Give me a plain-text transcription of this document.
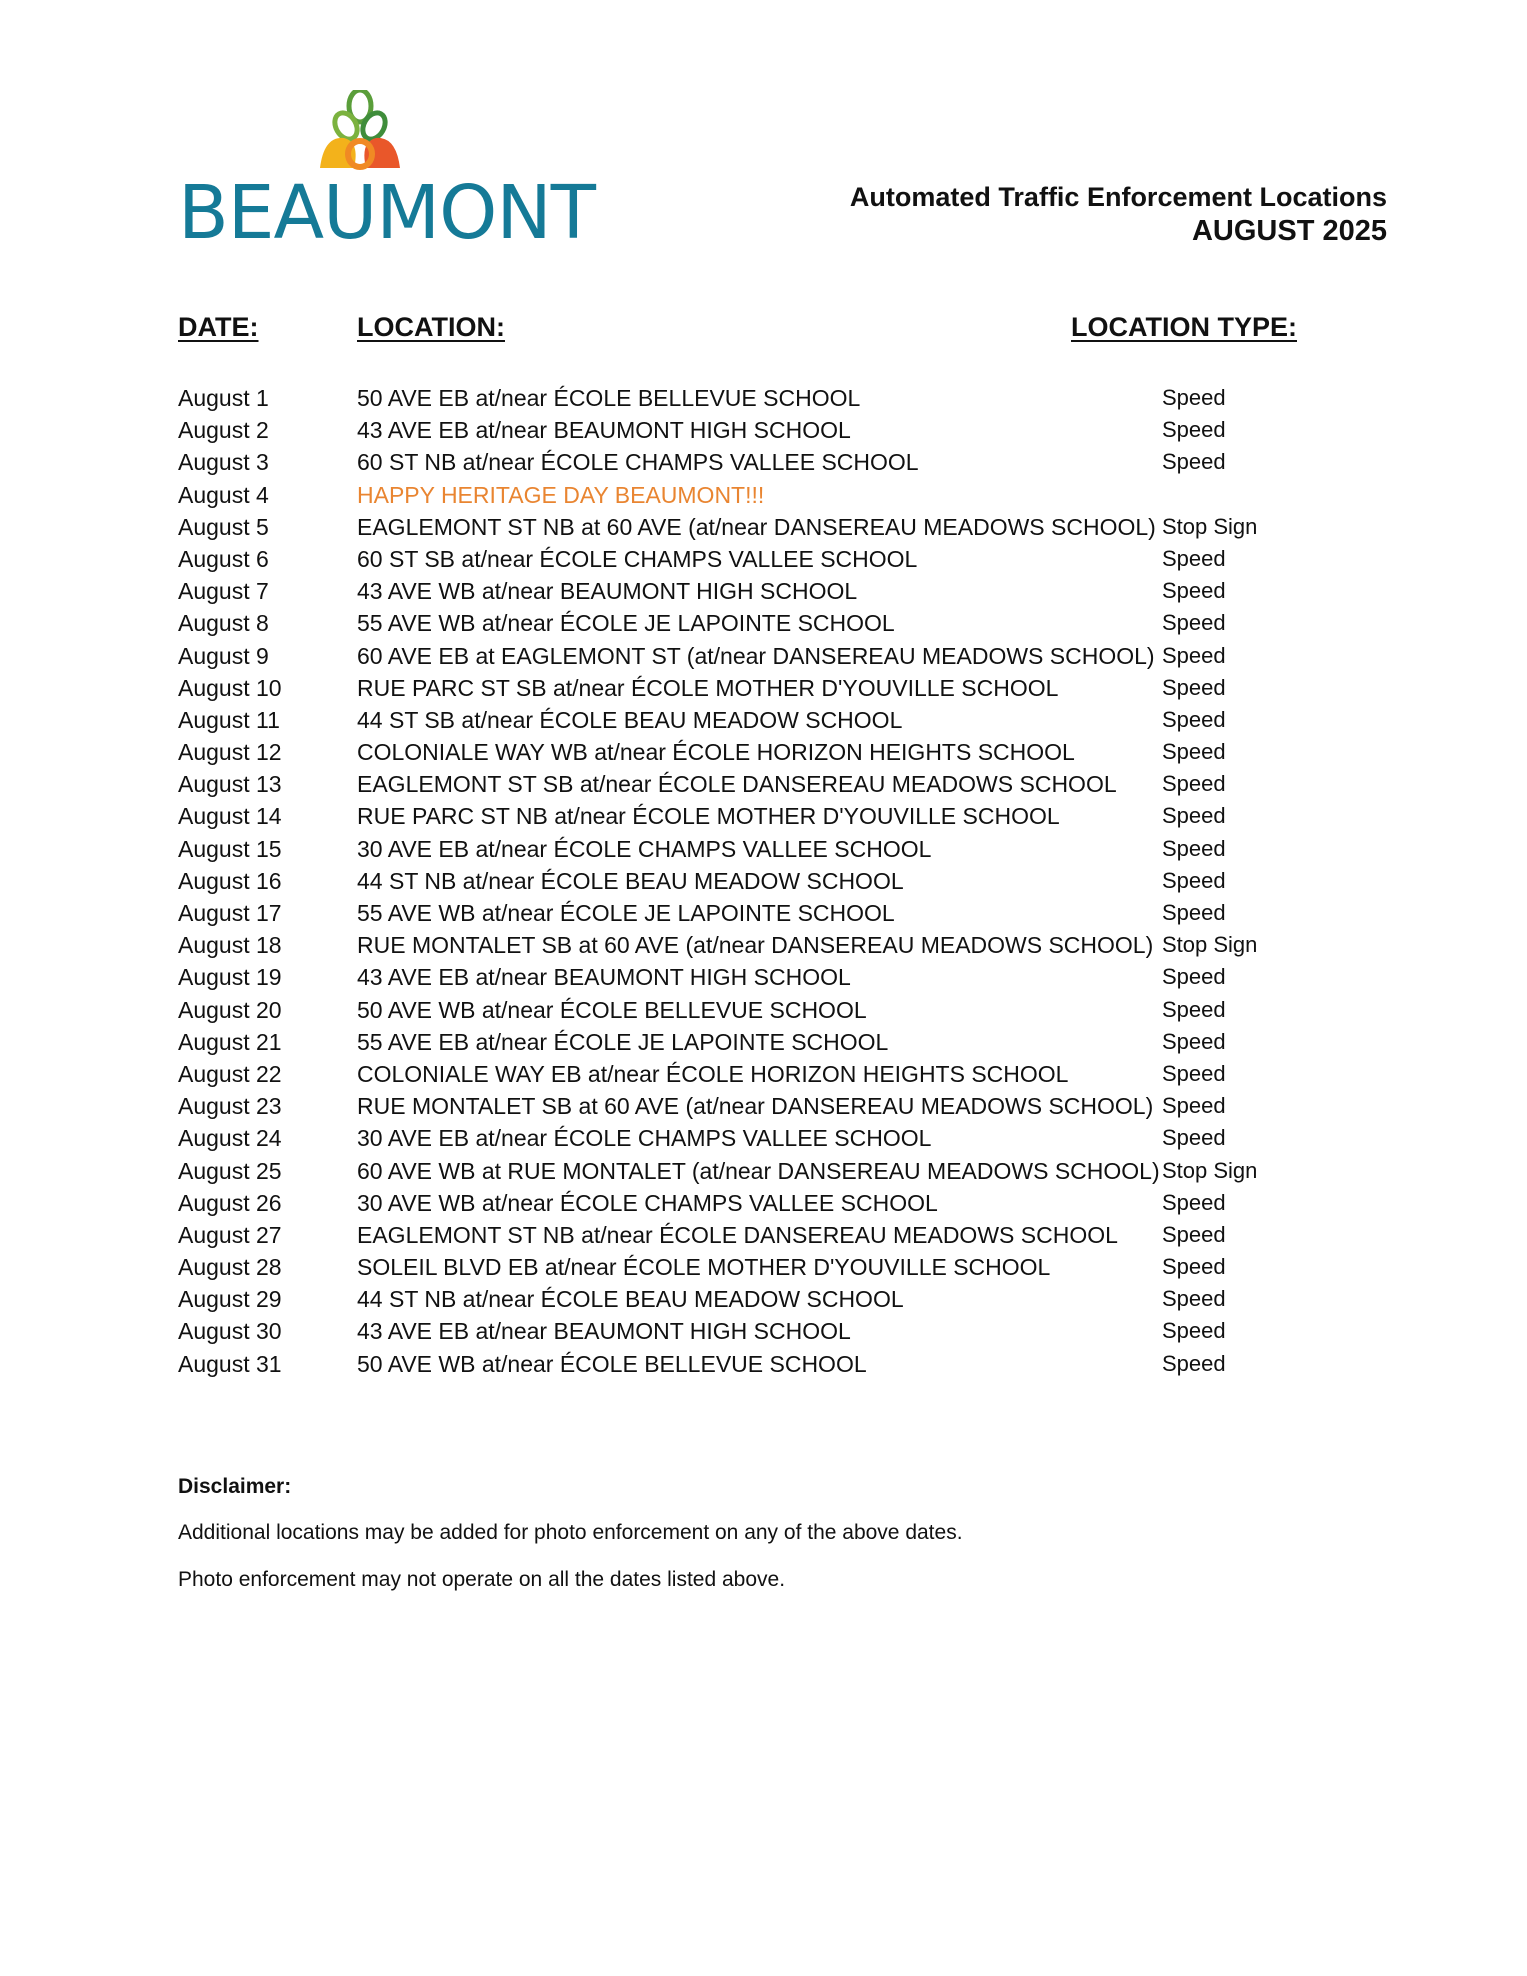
BEAUMONT	Automated Traffic Enforcement Locations
AUGUST 2025
DATE:	LOCATION:	LOCATION TYPE:
August 1	50 AVE EB at/near ÉCOLE BELLEVUE SCHOOL	Speed
August 2	43 AVE EB at/near BEAUMONT HIGH SCHOOL	Speed
August 3	60 ST NB at/near ÉCOLE CHAMPS VALLEE SCHOOL	Speed
August 4	HAPPY HERITAGE DAY BEAUMONT!!!
August 5	EAGLEMONT ST NB at 60 AVE (at/near DANSEREAU MEADOWS SCHOOL) Stop Sign
August 6	60 ST SB at/near ÉCOLE CHAMPS VALLEE SCHOOL	Speed
August 7	43 AVE WB at/near BEAUMONT HIGH SCHOOL	Speed
August 8	55 AVE WB at/near ÉCOLE JE LAPOINTE SCHOOL	Speed
August 9	60 AVE EB at EAGLEMONT ST (at/near DANSEREAU MEADOWS SCHOOL) Speed
August 10	RUE PARC ST SB at/near ÉCOLE MOTHER D'YOUVILLE SCHOOL	Speed
August 11	44 ST SB at/near ÉCOLE BEAU MEADOW SCHOOL	Speed
August 12	COLONIALE WAY WB at/near ÉCOLE HORIZON HEIGHTS SCHOOL	Speed
August 13	EAGLEMONT ST SB at/near ÉCOLE DANSEREAU MEADOWS SCHOOL Speed
August 14	RUE PARC ST NB at/near ÉCOLE MOTHER D'YOUVILLE SCHOOL	Speed
August 15	30 AVE EB at/near ÉCOLE CHAMPS VALLEE SCHOOL	Speed
August 16	44 ST NB at/near ÉCOLE BEAU MEADOW SCHOOL	Speed
August 17	55 AVE WB at/near ÉCOLE JE LAPOINTE SCHOOL	Speed
August 18	RUE MONTALET SB at 60 AVE (at/near DANSEREAU MEADOWS SCHOOL) Stop Sign
August 19	43 AVE EB at/near BEAUMONT HIGH SCHOOL	Speed
August 20	50 AVE WB at/near ÉCOLE BELLEVUE SCHOOL	Speed
August 21	55 AVE EB at/near ÉCOLE JE LAPOINTE SCHOOL	Speed
August 22	COLONIALE WAY EB at/near ÉCOLE HORIZON HEIGHTS SCHOOL	Speed
August 23	RUE MONTALET SB at 60 AVE (at/near DANSEREAU MEADOWS SCHOOL) Speed
August 24	30 AVE EB at/near ÉCOLE CHAMPS VALLEE SCHOOL	Speed
August 25	60 AVE WB at RUE MONTALET (at/near DANSEREAU MEADOWS SCHOOL) Stop Sign
August 26	30 AVE WB at/near ÉCOLE CHAMPS VALLEE SCHOOL	Speed
August 27	EAGLEMONT ST NB at/near ÉCOLE DANSEREAU MEADOWS SCHOOL Speed
August 28	SOLEIL BLVD EB at/near ÉCOLE MOTHER D'YOUVILLE SCHOOL	Speed
August 29	44 ST NB at/near ÉCOLE BEAU MEADOW SCHOOL	Speed
August 30	43 AVE EB at/near BEAUMONT HIGH SCHOOL	Speed
August 31	50 AVE WB at/near ÉCOLE BELLEVUE SCHOOL	Speed
Disclaimer:

Additional locations may be added for photo enforcement on any of the above dates.

Photo enforcement may not operate on all the dates listed above.
